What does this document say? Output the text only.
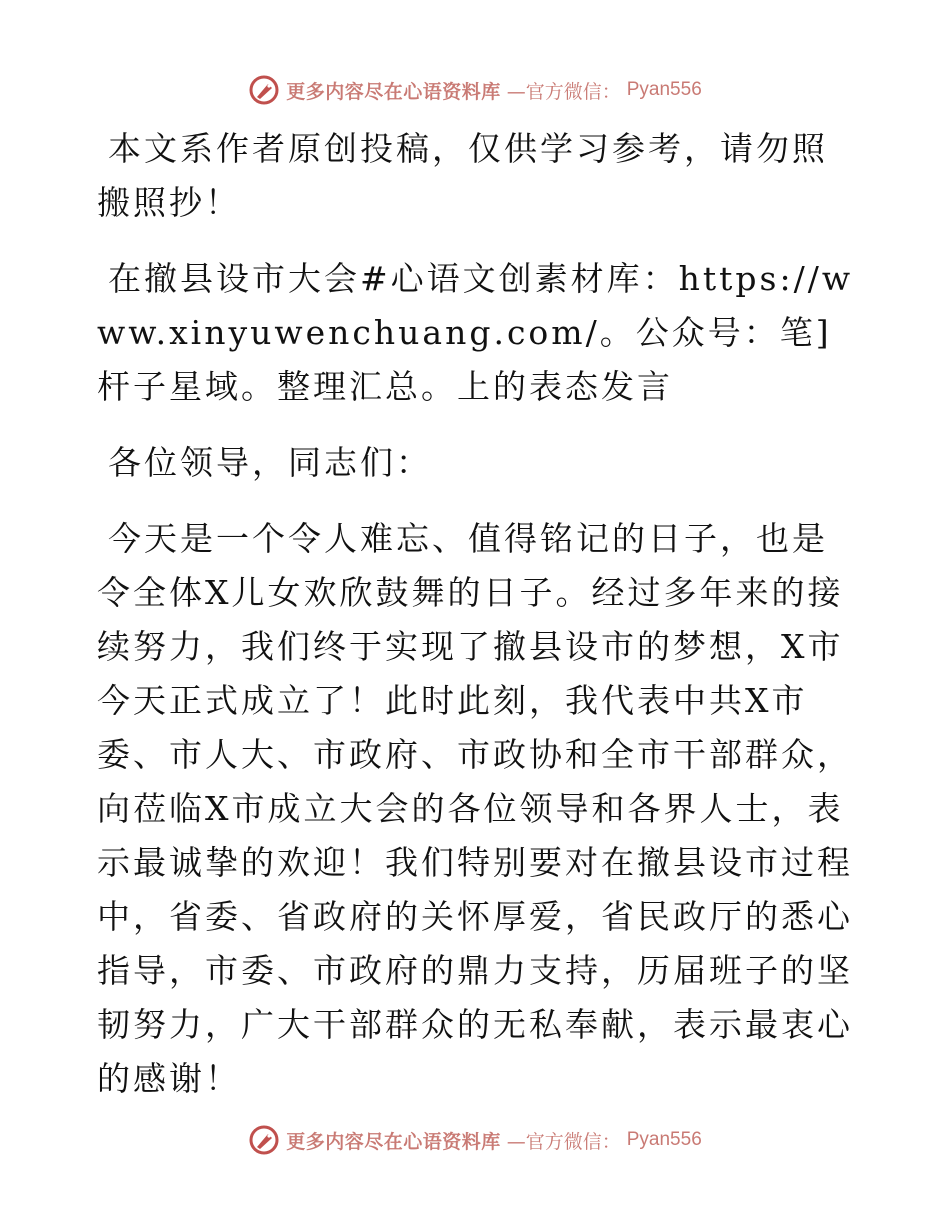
更多内容尽在心语资料库 —官方微信： Pyan556

本文系作者原创投稿，仅供学习参考，请勿照搬照抄！

在撤县设市大会#心语文创素材库：https://www.xinyuwenchuang.com/。公众号：笔]杆子星域。整理汇总。上的表态发言

各位领导，同志们：

今天是一个令人难忘、值得铭记的日子，也是令全体X儿女欢欣鼓舞的日子。经过多年来的接续努力，我们终于实现了撤县设市的梦想，X市今天正式成立了！此时此刻，我代表中共X市委、市人大、市政府、市政协和全市干部群众，向莅临X市成立大会的各位领导和各界人士，表示最诚挚的欢迎！我们特别要对在撤县设市过程中，省委、省政府的关怀厚爱，省民政厅的悉心指导，市委、市政府的鼎力支持，历届班子的坚韧努力，广大干部群众的无私奉献，表示最衷心的感谢！

更多内容尽在心语资料库 —官方微信： Pyan556
